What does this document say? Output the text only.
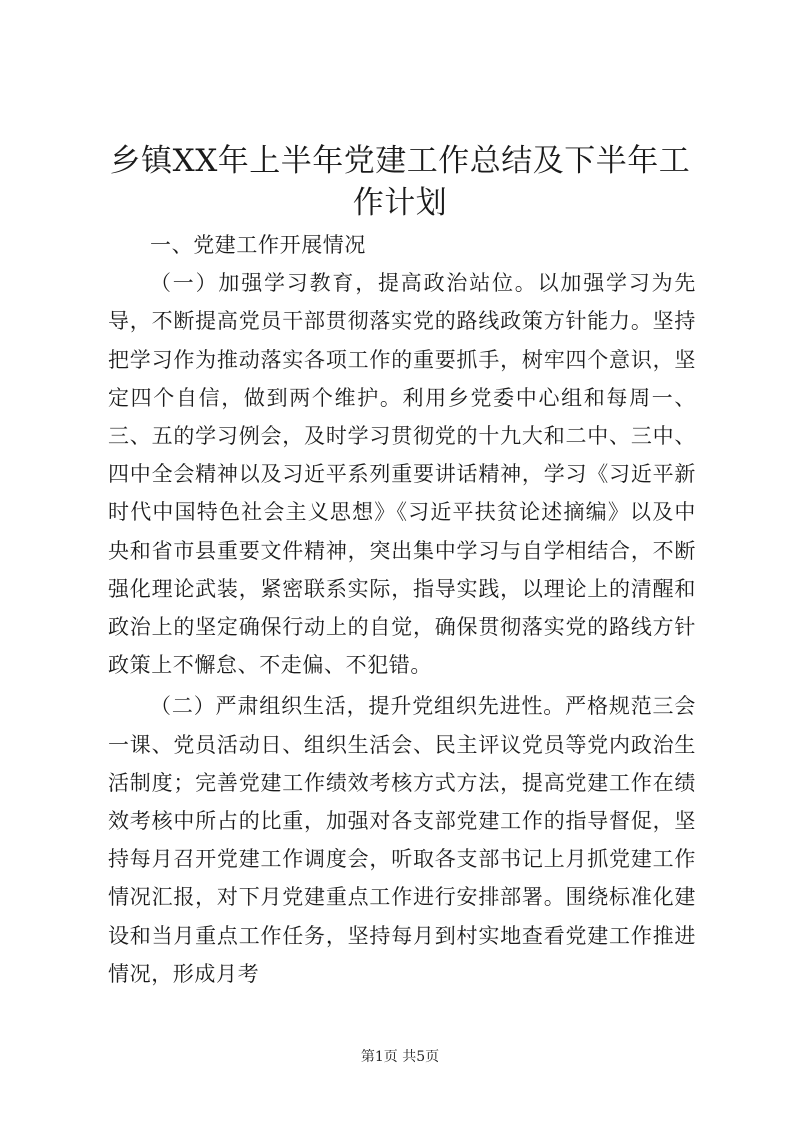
乡镇XX年上半年党建工作总结及下半年工作计划

一、党建工作开展情况

（一）加强学习教育，提高政治站位。以加强学习为先导，不断提高党员干部贯彻落实党的路线政策方针能力。坚持把学习作为推动落实各项工作的重要抓手，树牢四个意识，坚定四个自信，做到两个维护。利用乡党委中心组和每周一、三、五的学习例会，及时学习贯彻党的十九大和二中、三中、四中全会精神以及习近平系列重要讲话精神，学习《习近平新时代中国特色社会主义思想》《习近平扶贫论述摘编》以及中央和省市县重要文件精神，突出集中学习与自学相结合，不断强化理论武装，紧密联系实际，指导实践，以理论上的清醒和政治上的坚定确保行动上的自觉，确保贯彻落实党的路线方针政策上不懈怠、不走偏、不犯错。

（二）严肃组织生活，提升党组织先进性。严格规范三会一课、党员活动日、组织生活会、民主评议党员等党内政治生活制度；完善党建工作绩效考核方式方法，提高党建工作在绩效考核中所占的比重，加强对各支部党建工作的指导督促，坚持每月召开党建工作调度会，听取各支部书记上月抓党建工作情况汇报，对下月党建重点工作进行安排部署。围绕标准化建设和当月重点工作任务，坚持每月到村实地查看党建工作推进情况，形成月考

第1页 共5页
